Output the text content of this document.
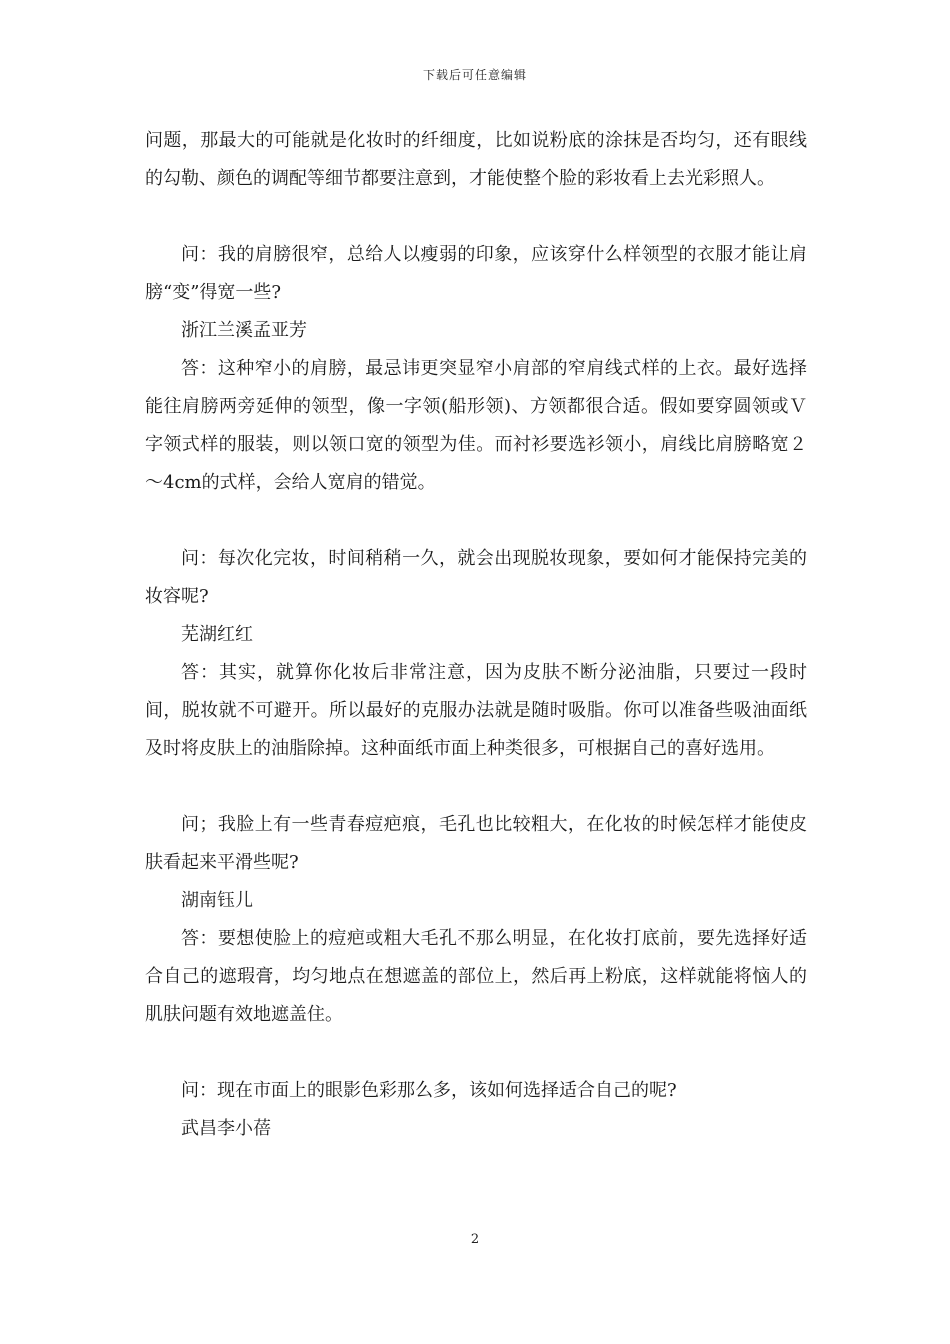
下载后可任意编辑

问题，那最大的可能就是化妆时的纤细度，比如说粉底的涂抹是否均匀，还有眼线的勾勒、颜色的调配等细节都要注意到，才能使整个脸的彩妆看上去光彩照人。

问：我的肩膀很窄，总给人以瘦弱的印象，应该穿什么样领型的衣服才能让肩膀“变”得宽一些?

浙江兰溪孟亚芳

答：这种窄小的肩膀，最忌讳更突显窄小肩部的窄肩线式样的上衣。最好选择能往肩膀两旁延伸的领型，像一字领(船形领)、方领都很合适。假如要穿圆领或Ｖ字领式样的服装，则以领口宽的领型为佳。而衬衫要选衫领小，肩线比肩膀略宽２～4cm的式样，会给人宽肩的错觉。

问：每次化完妆，时间稍稍一久，就会出现脱妆现象，要如何才能保持完美的妆容呢?

芜湖红红

答：其实，就算你化妆后非常注意，因为皮肤不断分泌油脂，只要过一段时间，脱妆就不可避开。所以最好的克服办法就是随时吸脂。你可以准备些吸油面纸及时将皮肤上的油脂除掉。这种面纸市面上种类很多，可根据自己的喜好选用。

问；我脸上有一些青春痘疤痕，毛孔也比较粗大，在化妆的时候怎样才能使皮肤看起来平滑些呢?

湖南钰儿

答：要想使脸上的痘疤或粗大毛孔不那么明显，在化妆打底前，要先选择好适合自己的遮瑕膏，均匀地点在想遮盖的部位上，然后再上粉底，这样就能将恼人的肌肤问题有效地遮盖住。

问：现在市面上的眼影色彩那么多，该如何选择适合自己的呢?

武昌李小蓓

2
